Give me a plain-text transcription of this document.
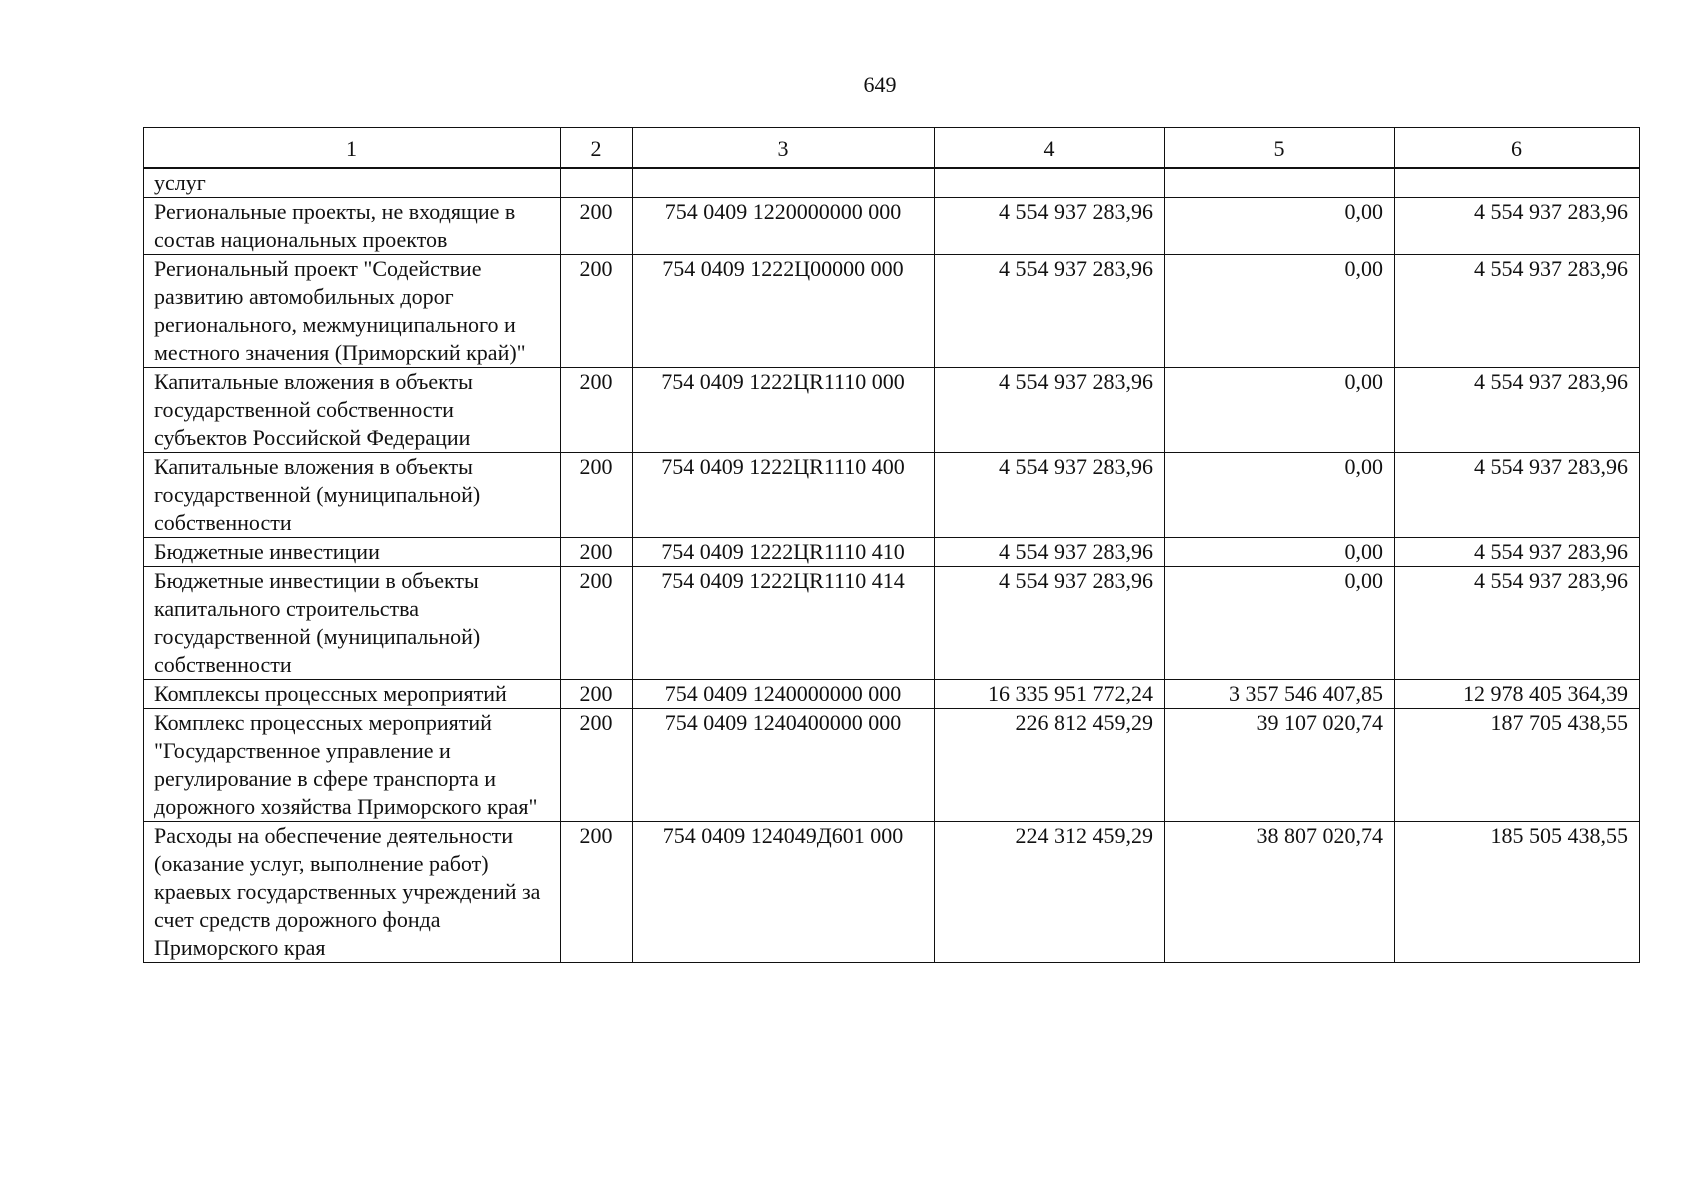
649
1	2	3	4	5	6
услуг					
Региональные проекты, не входящие в состав национальных проектов	200	754 0409 1220000000 000	4 554 937 283,96	0,00	4 554 937 283,96
Региональный проект "Содействие развитию автомобильных дорог регионального, межмуниципального и местного значения (Приморский край)"	200	754 0409 1222Ц00000 000	4 554 937 283,96	0,00	4 554 937 283,96
Капитальные вложения в объекты государственной собственности субъектов Российской Федерации	200	754 0409 1222ЦR1110 000	4 554 937 283,96	0,00	4 554 937 283,96
Капитальные вложения в объекты государственной (муниципальной) собственности	200	754 0409 1222ЦR1110 400	4 554 937 283,96	0,00	4 554 937 283,96
Бюджетные инвестиции	200	754 0409 1222ЦR1110 410	4 554 937 283,96	0,00	4 554 937 283,96
Бюджетные инвестиции в объекты капитального строительства государственной (муниципальной) собственности	200	754 0409 1222ЦR1110 414	4 554 937 283,96	0,00	4 554 937 283,96
Комплексы процессных мероприятий	200	754 0409 1240000000 000	16 335 951 772,24	3 357 546 407,85	12 978 405 364,39
Комплекс процессных мероприятий "Государственное управление и регулирование в сфере транспорта и дорожного хозяйства Приморского края"	200	754 0409 1240400000 000	226 812 459,29	39 107 020,74	187 705 438,55
Расходы на обеспечение деятельности (оказание услуг, выполнение работ) краевых государственных учреждений за счет средств дорожного фонда Приморского края	200	754 0409 124049Д601 000	224 312 459,29	38 807 020,74	185 505 438,55
